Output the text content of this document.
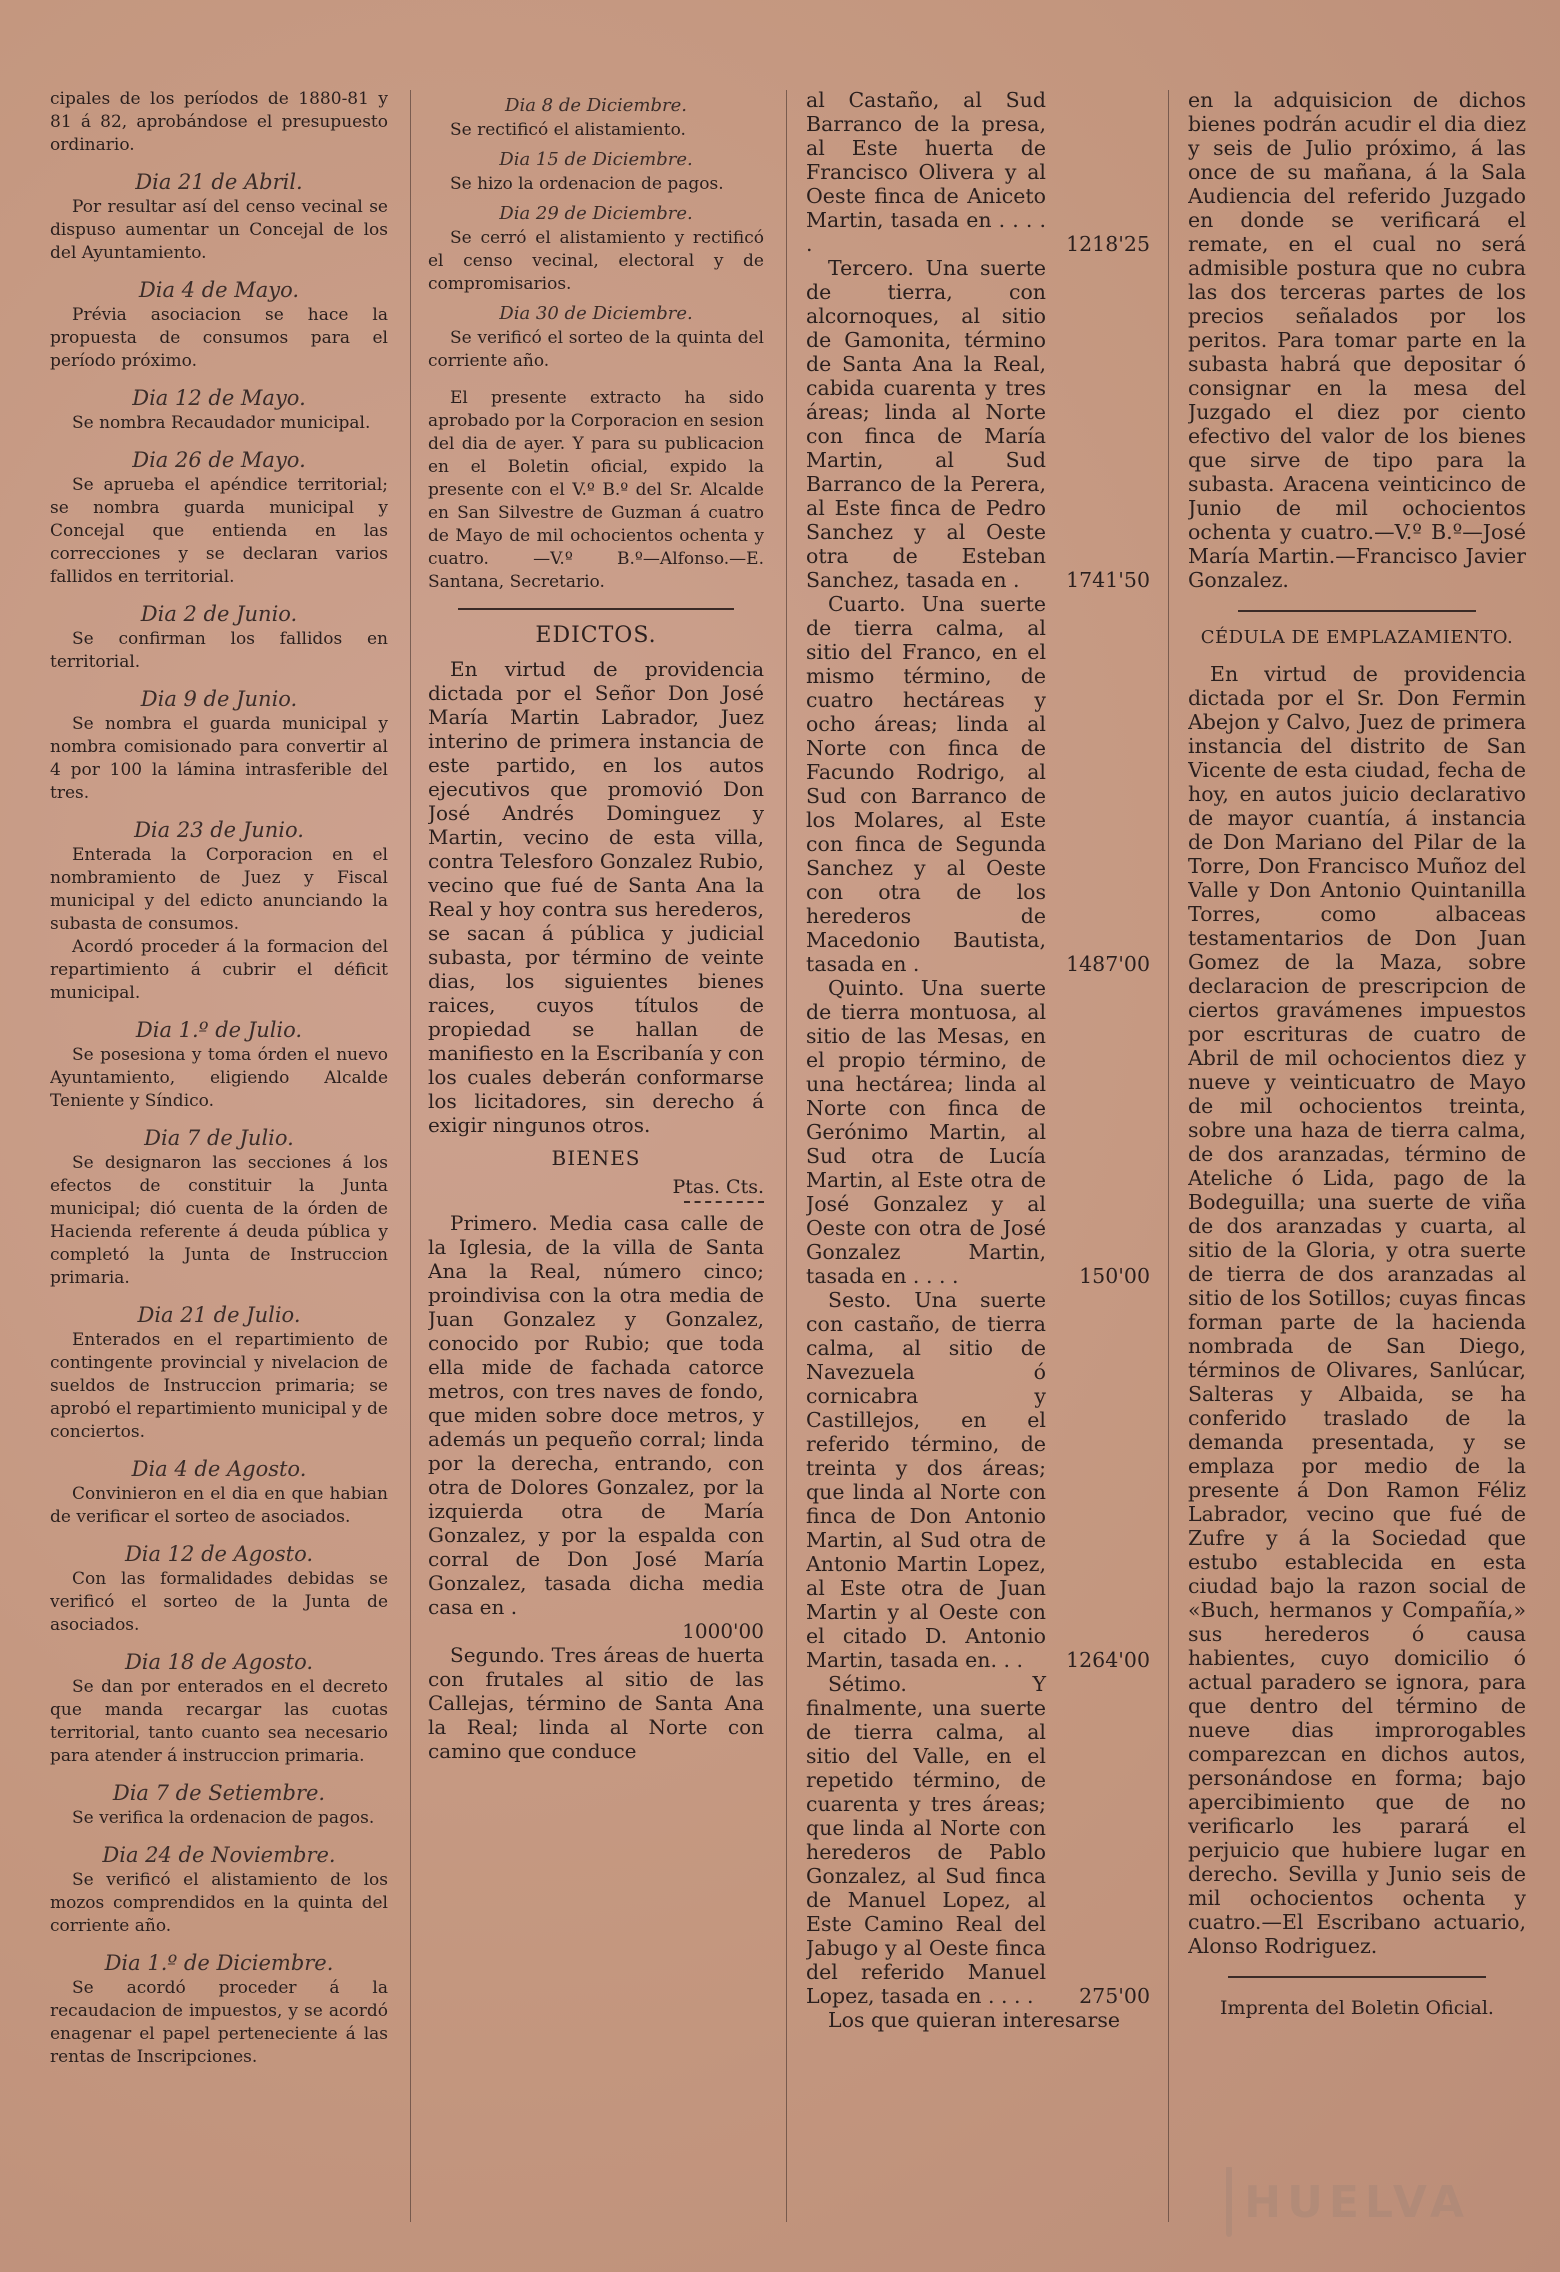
cipales de los períodos de 1880-81 y 81 á 82, aprobándose el presupuesto ordinario.

Dia 21 de Abril.

Por resultar así del censo vecinal se dispuso aumentar un Concejal de los del Ayuntamiento.

Dia 4 de Mayo.

Prévia asociacion se hace la propuesta de consumos para el período próximo.

Dia 12 de Mayo.

Se nombra Recaudador municipal.

Dia 26 de Mayo.

Se aprueba el apéndice territorial; se nombra guarda municipal y Concejal que entienda en las correcciones y se declaran varios fallidos en territorial.

Dia 2 de Junio.

Se confirman los fallidos en territorial.

Dia 9 de Junio.

Se nombra el guarda municipal y nombra comisionado para convertir al 4 por 100 la lámina intrasferible del tres.

Dia 23 de Junio.

Enterada la Corporacion en el nombramiento de Juez y Fiscal municipal y del edicto anunciando la subasta de consumos.

Acordó proceder á la formacion del repartimiento á cubrir el déficit municipal.

Dia 1.º de Julio.

Se posesiona y toma órden el nuevo Ayuntamiento, eligiendo Alcalde Teniente y Síndico.

Dia 7 de Julio.

Se designaron las secciones á los efectos de constituir la Junta municipal; dió cuenta de la órden de Hacienda referente á deuda pública y completó la Junta de Instruccion primaria.

Dia 21 de Julio.

Enterados en el repartimiento de contingente provincial y nivelacion de sueldos de Instruccion primaria; se aprobó el repartimiento municipal y de conciertos.

Dia 4 de Agosto.

Convinieron en el dia en que habian de verificar el sorteo de asociados.

Dia 12 de Agosto.

Con las formalidades debidas se verificó el sorteo de la Junta de asociados.

Dia 18 de Agosto.

Se dan por enterados en el decreto que manda recargar las cuotas territorial, tanto cuanto sea necesario para atender á instruccion primaria.

Dia 7 de Setiembre.

Se verifica la ordenacion de pagos.

Dia 24 de Noviembre.

Se verificó el alistamiento de los mozos comprendidos en la quinta del corriente año.

Dia 1.º de Diciembre.

Se acordó proceder á la recaudacion de impuestos, y se acordó enagenar el papel perteneciente á las rentas de Inscripciones.

Dia 8 de Diciembre.

Se rectificó el alistamiento.

Dia 15 de Diciembre.

Se hizo la ordenacion de pagos.

Dia 29 de Diciembre.

Se cerró el alistamiento y rectificó el censo vecinal, electoral y de compromisarios.

Dia 30 de Diciembre.

Se verificó el sorteo de la quinta del corriente año.

El presente extracto ha sido aprobado por la Corporacion en sesion del dia de ayer. Y para su publicacion en el Boletin oficial, expido la presente con el V.º B.º del Sr. Alcalde en San Silvestre de Guzman á cuatro de Mayo de mil ochocientos ochenta y cuatro. —V.º B.º—Alfonso.—E. Santana, Secretario.

EDICTOS.

En virtud de providencia dictada por el Señor Don José María Martin Labrador, Juez interino de primera instancia de este partido, en los autos ejecutivos que promovió Don José Andrés Dominguez y Martin, vecino de esta villa, contra Telesforo Gonzalez Rubio, vecino que fué de Santa Ana la Real y hoy contra sus herederos, se sacan á pública y judicial subasta, por término de veinte dias, los siguientes bienes raices, cuyos títulos de propiedad se hallan de manifiesto en la Escribanía y con los cuales deberán conformarse los licitadores, sin derecho á exigir ningunos otros.

BIENES
Ptas. Cts.

Primero. Media casa calle de la Iglesia, de la villa de Santa Ana la Real, número cinco; proindivisa con la otra media de Juan Gonzalez y Gonzalez, conocido por Rubio; que toda ella mide de fachada catorce metros, con tres naves de fondo, que miden sobre doce metros, y además un pequeño corral; linda por la derecha, entrando, con otra de Dolores Gonzalez, por la izquierda otra de María Gonzalez, y por la espalda con corral de Don José María Gonzalez, tasada dicha media casa en .

1000'00

Segundo. Tres áreas de huerta con frutales al sitio de las Callejas, término de Santa Ana la Real; linda al Norte con camino que conduce

al Castaño, al Sud Barranco de la presa, al Este huerta de Francisco Olivera y al Oeste finca de Aniceto Martin, tasada en . . . . .	1218'25
Tercero. Una suerte de tierra, con alcornoques, al sitio de Gamonita, término de Santa Ana la Real, cabida cuarenta y tres áreas; linda al Norte con finca de María Martin, al Sud Barranco de la Perera, al Este finca de Pedro Sanchez y al Oeste otra de Esteban Sanchez, tasada en .	1741'50
Cuarto. Una suerte de tierra calma, al sitio del Franco, en el mismo término, de cuatro hectáreas y ocho áreas; linda al Norte con finca de Facundo Rodrigo, al Sud con Barranco de los Molares, al Este con finca de Segunda Sanchez y al Oeste con otra de los herederos de Macedonio Bautista, tasada en .	1487'00
Quinto. Una suerte de tierra montuosa, al sitio de las Mesas, en el propio término, de una hectárea; linda al Norte con finca de Gerónimo Martin, al Sud otra de Lucía Martin, al Este otra de José Gonzalez y al Oeste con otra de José Gonzalez Martin, tasada en . . . .	150'00
Sesto. Una suerte con castaño, de tierra calma, al sitio de Navezuela ó cornicabra y Castillejos, en el referido término, de treinta y dos áreas; que linda al Norte con finca de Don Antonio Martin, al Sud otra de Antonio Martin Lopez, al Este otra de Juan Martin y al Oeste con el citado D. Antonio Martin, tasada en. . .	1264'00
Sétimo. Y finalmente, una suerte de tierra calma, al sitio del Valle, en el repetido término, de cuarenta y tres áreas; que linda al Norte con herederos de Pablo Gonzalez, al Sud finca de Manuel Lopez, al Este Camino Real del Jabugo y al Oeste finca del referido Manuel Lopez, tasada en . . . .	275'00

Los que quieran interesarse

en la adquisicion de dichos bienes podrán acudir el dia diez y seis de Julio próximo, á las once de su mañana, á la Sala Audiencia del referido Juzgado en donde se verificará el remate, en el cual no será admisible postura que no cubra las dos terceras partes de los precios señalados por los peritos. Para tomar parte en la subasta habrá que depositar ó consignar en la mesa del Juzgado el diez por ciento efectivo del valor de los bienes que sirve de tipo para la subasta. Aracena veinticinco de Junio de mil ochocientos ochenta y cuatro.—V.º B.º—José María Martin.—Francisco Javier Gonzalez.

CÉDULA DE EMPLAZAMIENTO.

En virtud de providencia dictada por el Sr. Don Fermin Abejon y Calvo, Juez de primera instancia del distrito de San Vicente de esta ciudad, fecha de hoy, en autos juicio declarativo de mayor cuantía, á instancia de Don Mariano del Pilar de la Torre, Don Francisco Muñoz del Valle y Don Antonio Quintanilla Torres, como albaceas testamentarios de Don Juan Gomez de la Maza, sobre declaracion de prescripcion de ciertos gravámenes impuestos por escrituras de cuatro de Abril de mil ochocientos diez y nueve y veinticuatro de Mayo de mil ochocientos treinta, sobre una haza de tierra calma, de dos aranzadas, término de Ateliche ó Lida, pago de la Bodeguilla; una suerte de viña de dos aranzadas y cuarta, al sitio de la Gloria, y otra suerte de tierra de dos aranzadas al sitio de los Sotillos; cuyas fincas forman parte de la hacienda nombrada de San Diego, términos de Olivares, Sanlúcar, Salteras y Albaida, se ha conferido traslado de la demanda presentada, y se emplaza por medio de la presente á Don Ramon Féliz Labrador, vecino que fué de Zufre y á la Sociedad que estubo establecida en esta ciudad bajo la razon social de «Buch, hermanos y Compañía,» sus herederos ó causa habientes, cuyo domicilio ó actual paradero se ignora, para que dentro del término de nueve dias improrogables comparezcan en dichos autos, personándose en forma; bajo apercibimiento que de no verificarlo les parará el perjuicio que hubiere lugar en derecho. Sevilla y Junio seis de mil ochocientos ochenta y cuatro.—El Escribano actuario, Alonso Rodriguez.

Imprenta del Boletin Oficial.
HUELVA
